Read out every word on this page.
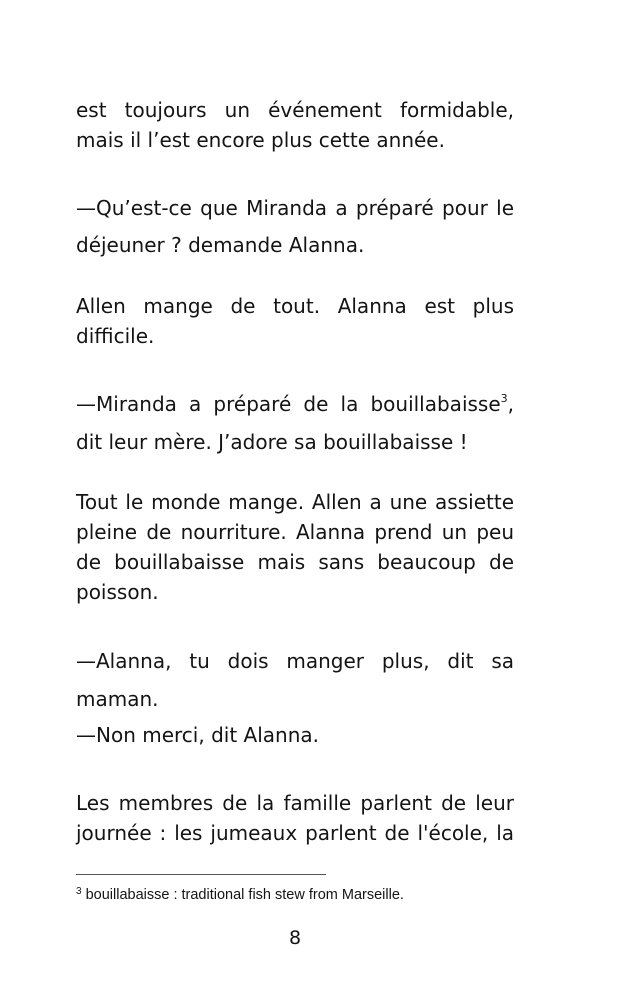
est toujours un événement formidable,
mais il l’est encore plus cette année.
—Qu’est-ce que Miranda a préparé pour le
déjeuner ? demande Alanna.
Allen mange de tout. Alanna est plus
difficile.
—Miranda a préparé de la bouillabaisse$^3$,
dit leur mère. J’adore sa bouillabaisse !
Tout le monde mange. Allen a une assiette
pleine de nourriture. Alanna prend un peu
de bouillabaisse mais sans beaucoup de
poisson.
—Alanna, tu dois manger plus, dit sa
maman.
—Non merci, dit Alanna.
Les membres de la famille parlent de leur
journée : les jumeaux parlent de l'école, la
$^3$ bouillabaisse : traditional fish stew from Marseille.
8
